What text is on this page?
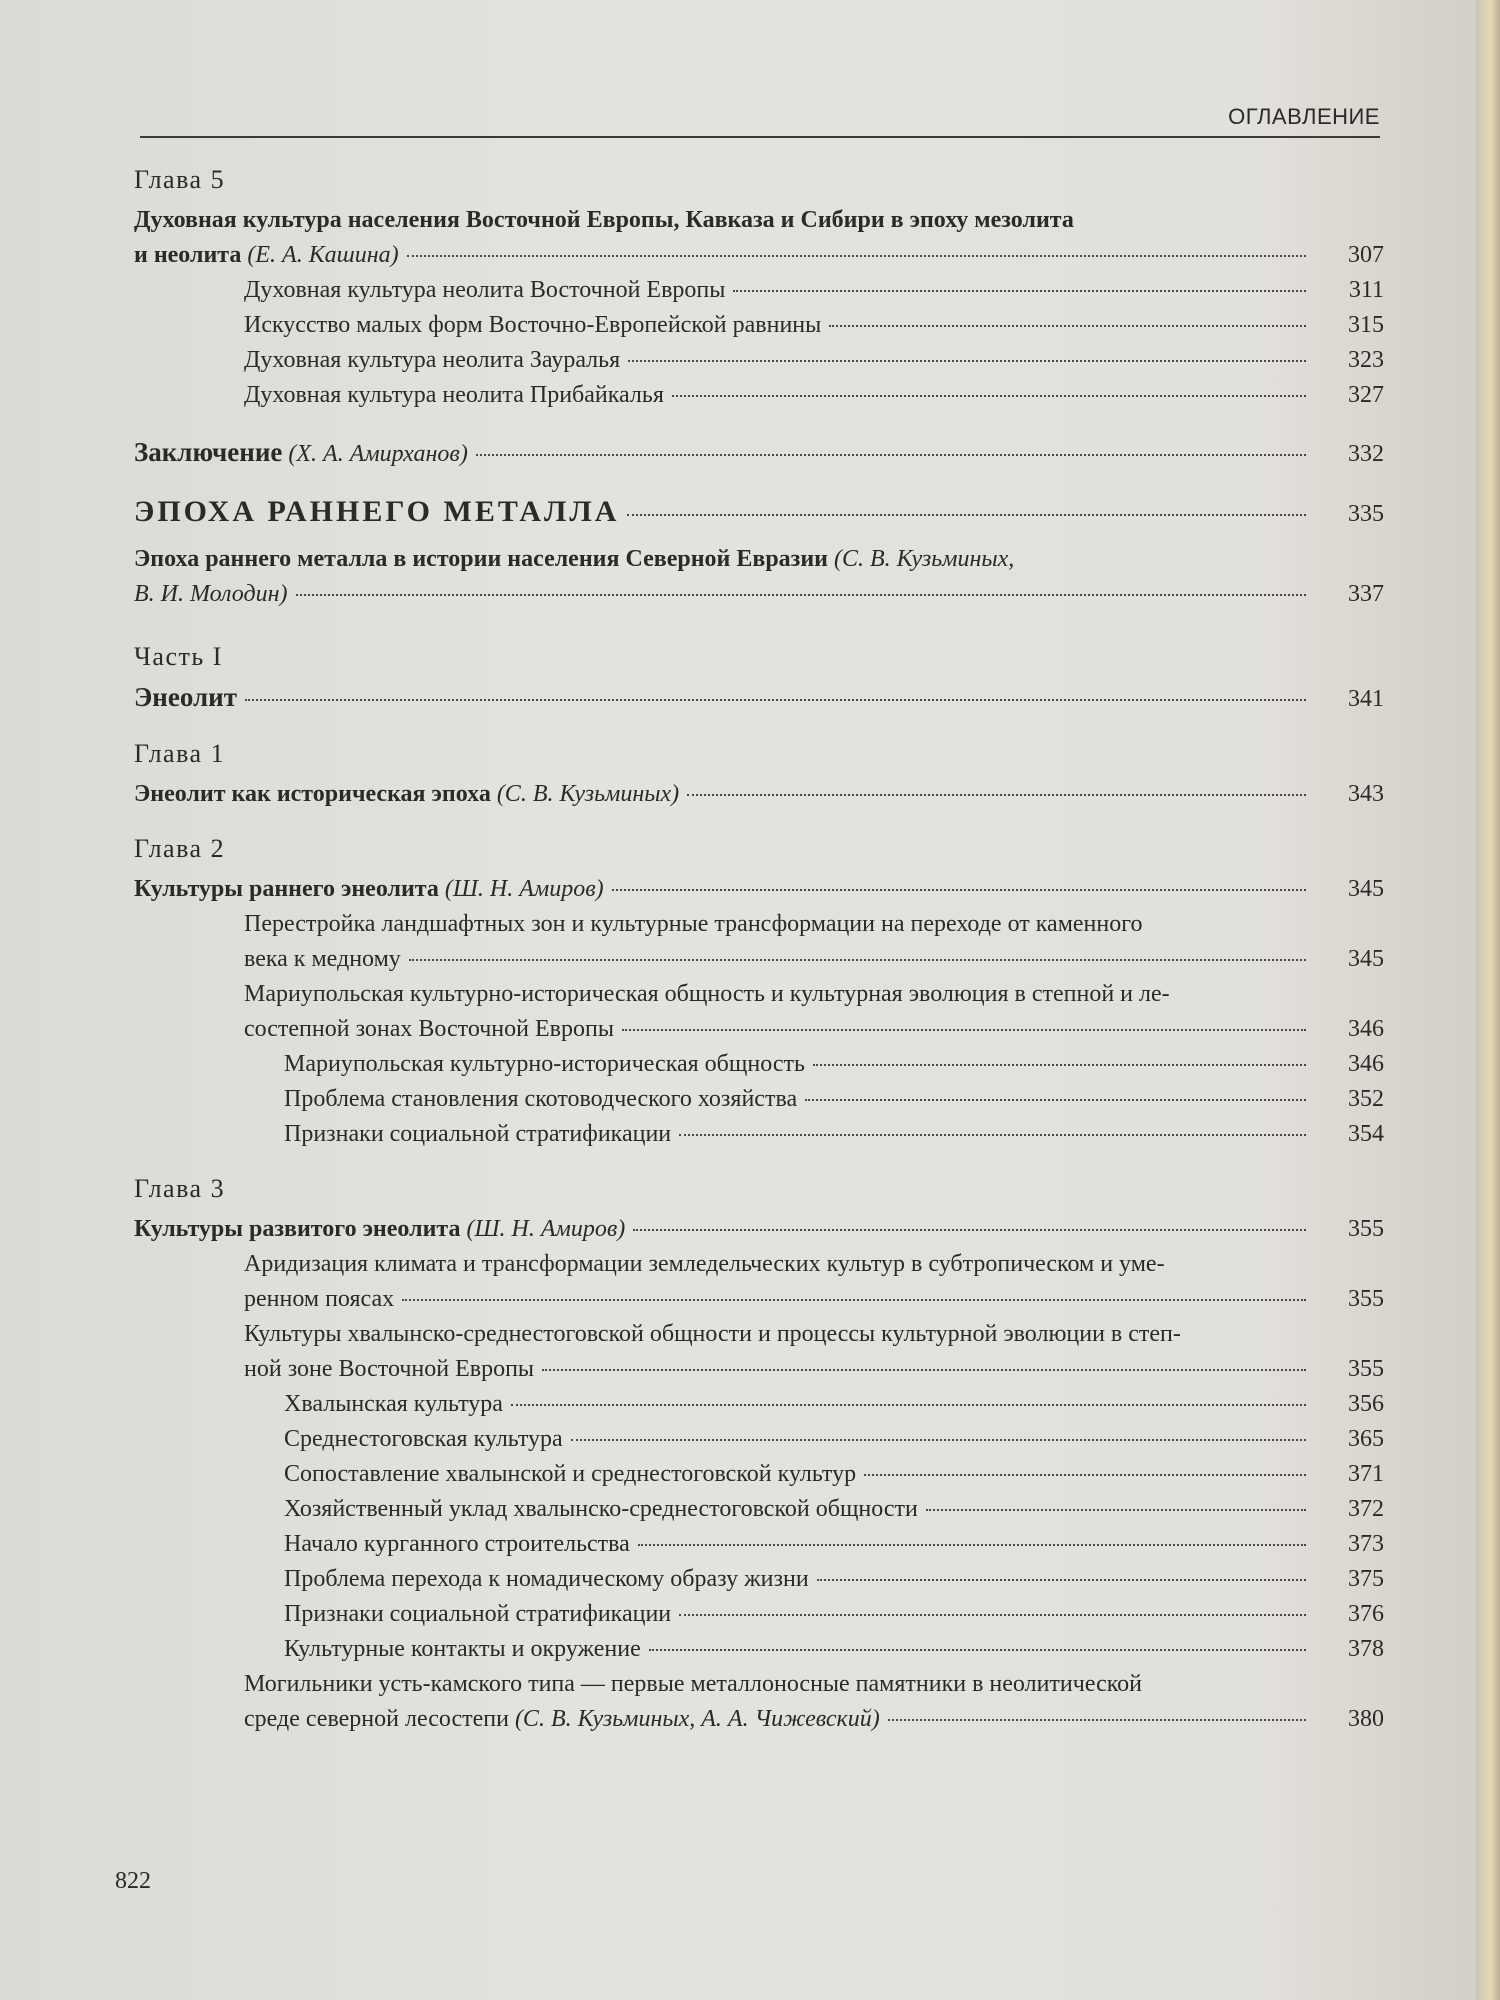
ОГЛАВЛЕНИЕ
Глава 5
Духовная культура населения Восточной Европы, Кавказа и Сибири в эпоху мезолита
и неолита (Е. А. Кашина)	307
Духовная культура неолита Восточной Европы	311
Искусство малых форм Восточно-Европейской равнины	315
Духовная культура неолита Зауралья	323
Духовная культура неолита Прибайкалья	327
Заключение (Х. А. Амирханов)	332
ЭПОХА РАННЕГО МЕТАЛЛА	335
Эпоха раннего металла в истории населения Северной Евразии (С. В. Кузьминых,
В. И. Молодин)	337
Часть I
Энеолит	341
Глава 1
Энеолит как историческая эпоха (С. В. Кузьминых)	343
Глава 2
Культуры раннего энеолита (Ш. Н. Амиров)	345
Перестройка ландшафтных зон и культурные трансформации на переходе от каменного
века к медному	345
Мариупольская культурно-историческая общность и культурная эволюция в степной и ле-
состепной зонах Восточной Европы	346
Мариупольская культурно-историческая общность	346
Проблема становления скотоводческого хозяйства	352
Признаки социальной стратификации	354
Глава 3
Культуры развитого энеолита (Ш. Н. Амиров)	355
Аридизация климата и трансформации земледельческих культур в субтропическом и уме-
ренном поясах	355
Культуры хвалынско-среднестоговской общности и процессы культурной эволюции в степ-
ной зоне Восточной Европы	355
Хвалынская культура	356
Среднестоговская культура	365
Сопоставление хвалынской и среднестоговской культур	371
Хозяйственный уклад хвалынско-среднестоговской общности	372
Начало курганного строительства	373
Проблема перехода к номадическому образу жизни	375
Признаки социальной стратификации	376
Культурные контакты и окружение	378
Могильники усть-камского типа — первые металлоносные памятники в неолитической
среде северной лесостепи (С. В. Кузьминых, А. А. Чижевский)	380
822
